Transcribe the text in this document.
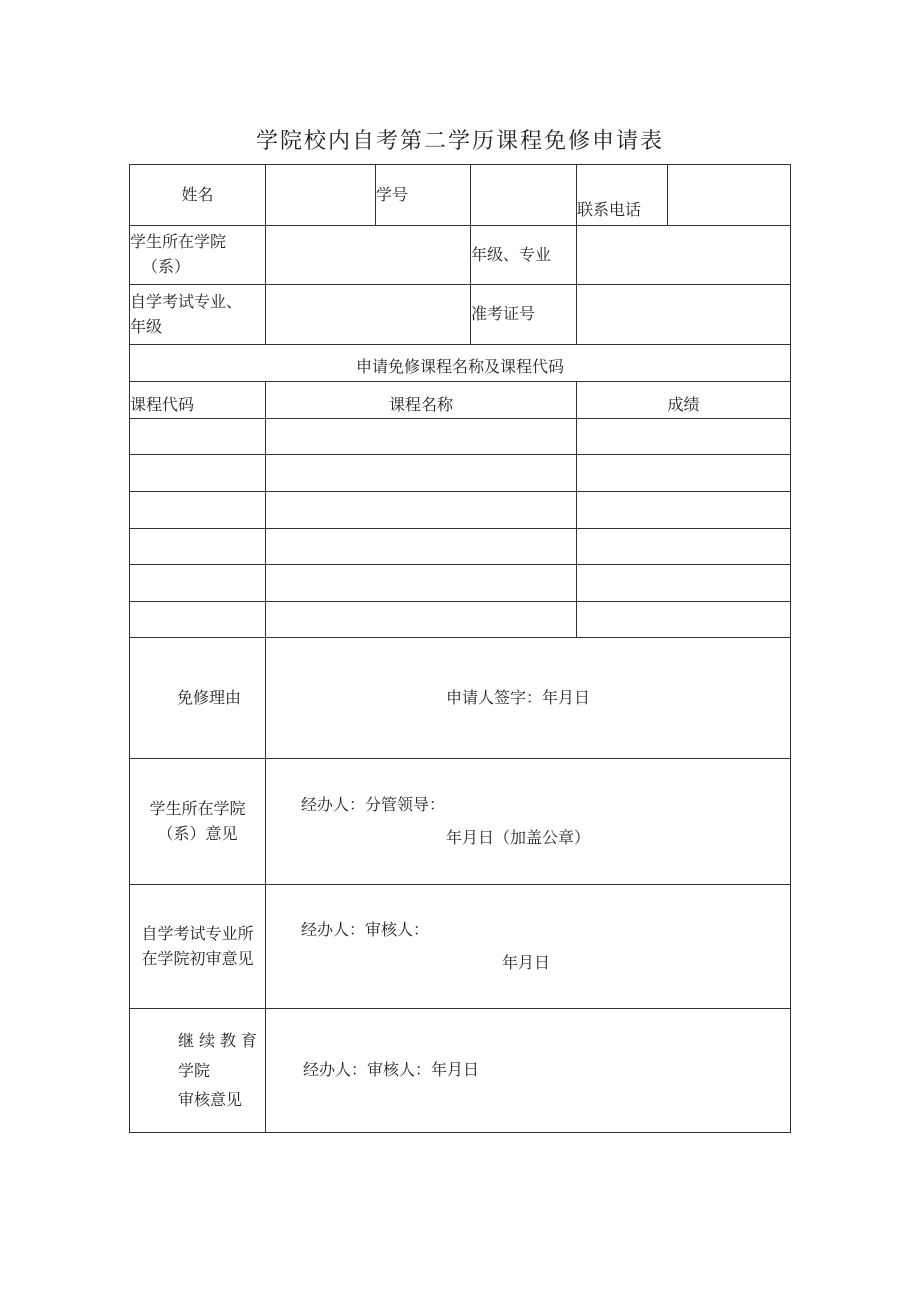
学院校内自考第二学历课程免修申请表
姓名		学号		联系电话	

学生所在学院
（系）			年级、专业		

自学考试专业、
年级			准考证号		
申请免修课程名称及课程代码					
课程代码	课程名称			成绩	

免修理由	申请人签字：年月日				

学生所在学院
（系）意见	经办人：分管领导：
年月日（加盖公章）				

自学考试专业所
在学院初审意见	经办人：审核人：
年月日				

继续教育
学院
审核意见	经办人：审核人：年月日				
